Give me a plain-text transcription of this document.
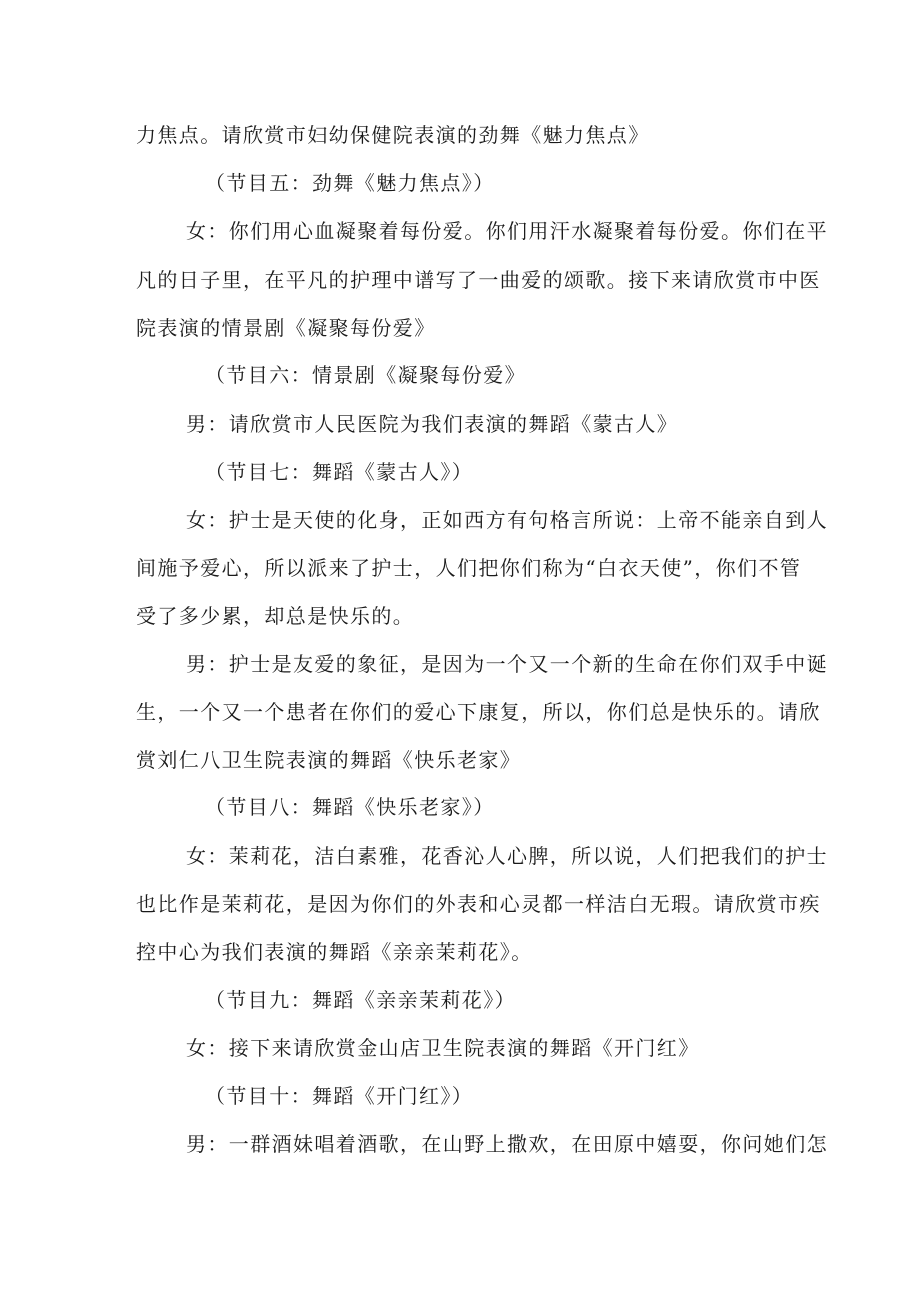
力焦点。请欣赏市妇幼保健院表演的劲舞《魅力焦点》
（节目五：劲舞《魅力焦点》）
女：你们用心血凝聚着每份爱。你们用汗水凝聚着每份爱。你们在平
凡的日子里，在平凡的护理中谱写了一曲爱的颂歌。接下来请欣赏市中医
院表演的情景剧《凝聚每份爱》
（节目六：情景剧《凝聚每份爱》
男：请欣赏市人民医院为我们表演的舞蹈《蒙古人》
（节目七：舞蹈《蒙古人》）
女：护士是天使的化身，正如西方有句格言所说：上帝不能亲自到人
间施予爱心，所以派来了护士，人们把你们称为“白衣天使”，你们不管
受了多少累，却总是快乐的。
男：护士是友爱的象征，是因为一个又一个新的生命在你们双手中诞
生，一个又一个患者在你们的爱心下康复，所以，你们总是快乐的。请欣
赏刘仁八卫生院表演的舞蹈《快乐老家》
（节目八：舞蹈《快乐老家》）
女：茉莉花，洁白素雅，花香沁人心脾，所以说，人们把我们的护士
也比作是茉莉花，是因为你们的外表和心灵都一样洁白无瑕。请欣赏市疾
控中心为我们表演的舞蹈《亲亲茉莉花》。
（节目九：舞蹈《亲亲茉莉花》）
女：接下来请欣赏金山店卫生院表演的舞蹈《开门红》
（节目十：舞蹈《开门红》）
男：一群酒妹唱着酒歌，在山野上撒欢，在田原中嬉耍，你问她们怎
